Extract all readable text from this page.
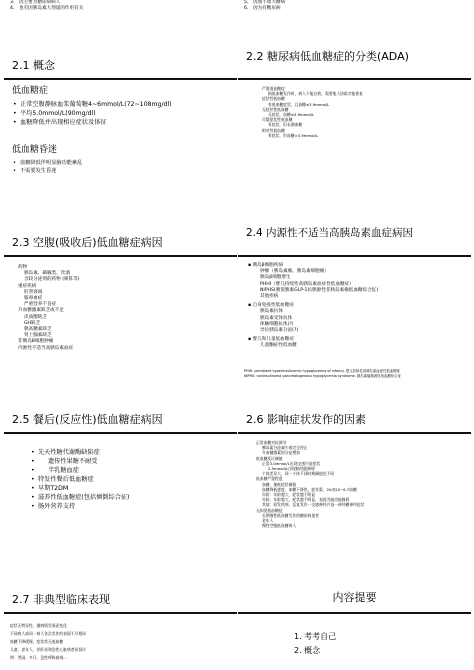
3、 因主要为糖尿病病人
4、 也有因胰岛素大剂量的作用有关
5、 因血不血大糖病
6、 因为有糖尿病
2.1 概念
低血糖症
• 正常空腹静脉血浆葡萄糖4~6mmol/L(72~108mg/dl)
• 平均5.0mmol/L(90mg/dl)
• 血糖降低并出现相应症状及体征
低血糖昏迷
• 血糖降低伴明显脑功能紊乱
• 不需要发生昏迷
2.2 糖尿病低血糖症的分类(ADA)
严重低血糖症
指低血糖发作时，病人不能自救，需要他人协助才能恢复
症状性低血糖
有低血糖症状，且血糖≤3.9mmol/L
无症状性低血糖
无症状，血糖≤3.9mmol/L
可疑症状性低血糖
有症状，但未测血糖
相对性低血糖
有症状，但血糖>3.9mmol/L
2.3 空腹(吸收后)低血糖症病因
药物
胰岛素、磺脲类、饮酒
含较分泌剂的药物 (喷阵等)
重症疾病
肝肾衰竭
脓毒血症
严重营养不良症
升血糖激素缺乏或不足
皮质醇缺乏
GH缺乏
胰高糖素缺乏
肾上腺素缺乏
非胰岛B细胞肿瘤
内源性不适当高胰岛素血症
2.4 内源性不适当高胰岛素血症病因
▪ 胰岛β细胞疾病
肿瘤（胰岛素瘤、胰岛素细胞瘤）
胰岛β细胞增生
PHHI（婴儿持续性高胰岛素血症性低血糖症）
NIPHS(胰促胰素GLP-1抗胰源性非胰岛素瘤低血糖综合征)
其他疾病
▪ 自身免疫性低血糖症
胰岛素抗体
胰岛素受体抗体
体触细胞抗体(?)
异位胰岛素分泌(?)
▪ 婴儿和儿童低血糖症
儿童酮症性低血糖
PHHI: persistent hyperinsulinemic hypoglycemia of infancy. 婴儿持续性高胰岛素血症性低血糖症
NIPHS: noninsulinoma pancreatogenous hypoglycemia syndrome. 胰岛素瘤胰源性低血糖综合征
2.5 餐后(反应性)低血糖症病因
• 先天性糖代谢酶缺陷症
• 遗传性果糖不耐受
• 半乳糖血症
• 特发性餐后低血糖症
• 早期T2DM
• 滋养性低血糖症(包括倾倒综合征)
• 肠外营养支持
2.6 影响症状发作的因素
正常血糖对抗调节
胰岛素分泌减少或完全停止
升血糖激素的分泌增加
低血糖反应阈值
正常3.0mmol/L出现交感兴奋症状
2.5mmol/L出现脑功能障碍
个体差异大，同一个体不同时期阈值也不同
低血糖严重程度
血糖、褪低症状阈值
血糖降低速度、血糖下降快，症状重，2h由20~6.7血糖
年龄：年龄越大，症状越不明显
年龄、年龄越大，症状越不明显，表现为脑功能障碍
其他：原发疾病、反复发作一交感神经兴奋一神经糖神经症状
无知觉低血糖症
长期慢性低血糖发作的糖尿病患者
老年人
慢性空腹低血糖病人
2.7 非典型临床表现
症状无特异性、随病情发展而变化
不同病人或同一病人各次发作的表现不尽相同
血糖下降缓慢，症状常无低血糖
儿童、老年人、伴肝炎和急性心脏病者易误诊
例：哭闹、多汗、急性呼吸衰竭...
内容提要
1. 考考自己
2. 概念
